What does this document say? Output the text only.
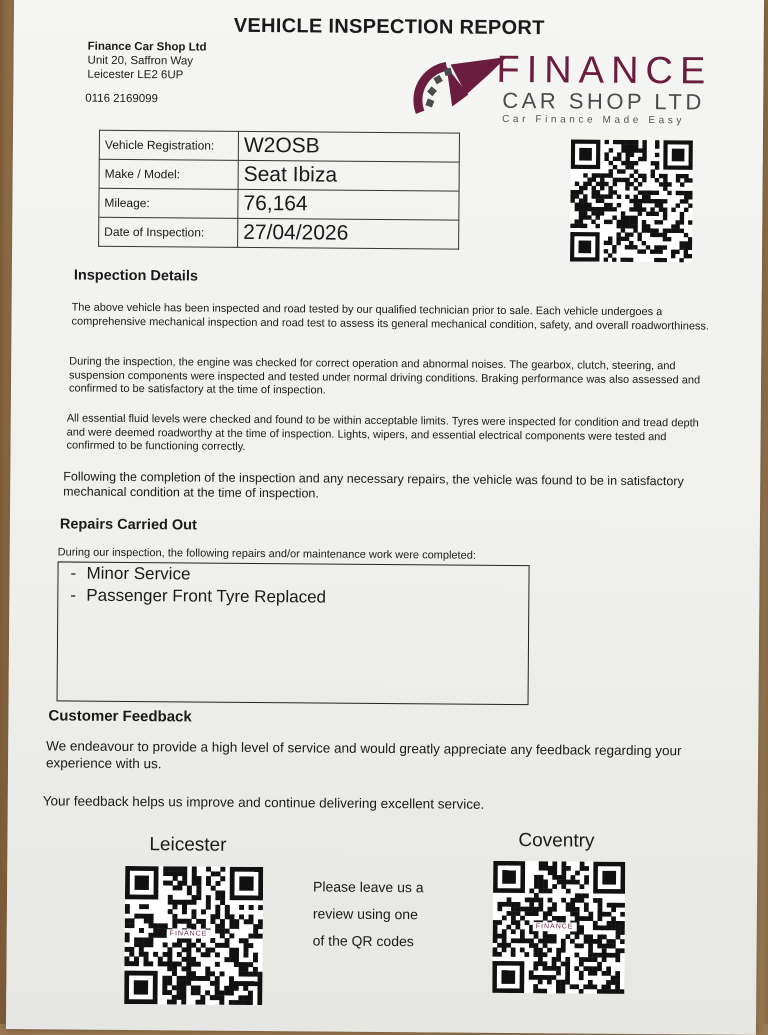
VEHICLE INSPECTION REPORT
Finance Car Shop Ltd
Unit 20, Saffron Way
Leicester LE2 6UP
0116 2169099
FINANCE
CAR SHOP LTD
Car Finance Made Easy
Vehicle Registration:	W2OSB
Make / Model:	Seat Ibiza
Mileage:	76,164
Date of Inspection:	27/04/2026
Inspection Details
The above vehicle has been inspected and road tested by our qualified technician prior to sale. Each vehicle undergoes a comprehensive mechanical inspection and road test to assess its general mechanical condition, safety, and overall roadworthiness.
During the inspection, the engine was checked for correct operation and abnormal noises. The gearbox, clutch, steering, and suspension components were inspected and tested under normal driving conditions. Braking performance was also assessed and confirmed to be satisfactory at the time of inspection.
All essential fluid levels were checked and found to be within acceptable limits. Tyres were inspected for condition and tread depth and were deemed roadworthy at the time of inspection. Lights, wipers, and essential electrical components were tested and confirmed to be functioning correctly.
Following the completion of the inspection and any necessary repairs, the vehicle was found to be in satisfactory mechanical condition at the time of inspection.
Repairs Carried Out
During our inspection, the following repairs and/or maintenance work were completed:
- Minor Service
- Passenger Front Tyre Replaced
Customer Feedback
We endeavour to provide a high level of service and would greatly appreciate any feedback regarding your experience with us.
Your feedback helps us improve and continue delivering excellent service.
Leicester	Coventry
FINANCE
FINANCE
Please leave us a
review using one
of the QR codes
